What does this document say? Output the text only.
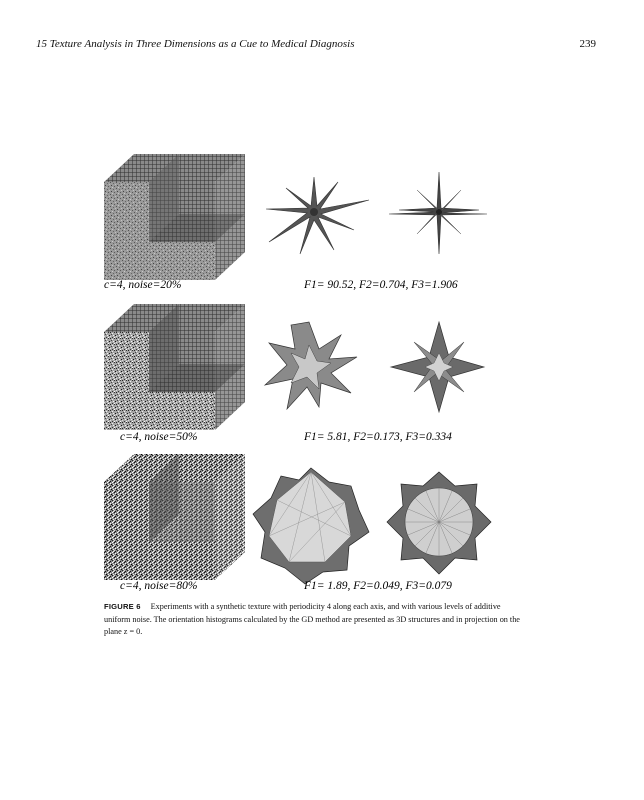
15 Texture Analysis in Three Dimensions as a Cue to Medical Diagnosis	239
c=4, noise=20%	F1= 90.52, F2=0.704, F3=1.906
c=4, noise=50%	F1= 5.81, F2=0.173, F3=0.334
c=4, noise=80%	F1= 1.89, F2=0.049, F3=0.079
FIGURE 6 Experiments with a synthetic texture with periodicity 4 along each axis, and with various levels of additive uniform noise. The orientation histograms calculated by the GD method are presented as 3D structures and in projection on the plane z = 0.
